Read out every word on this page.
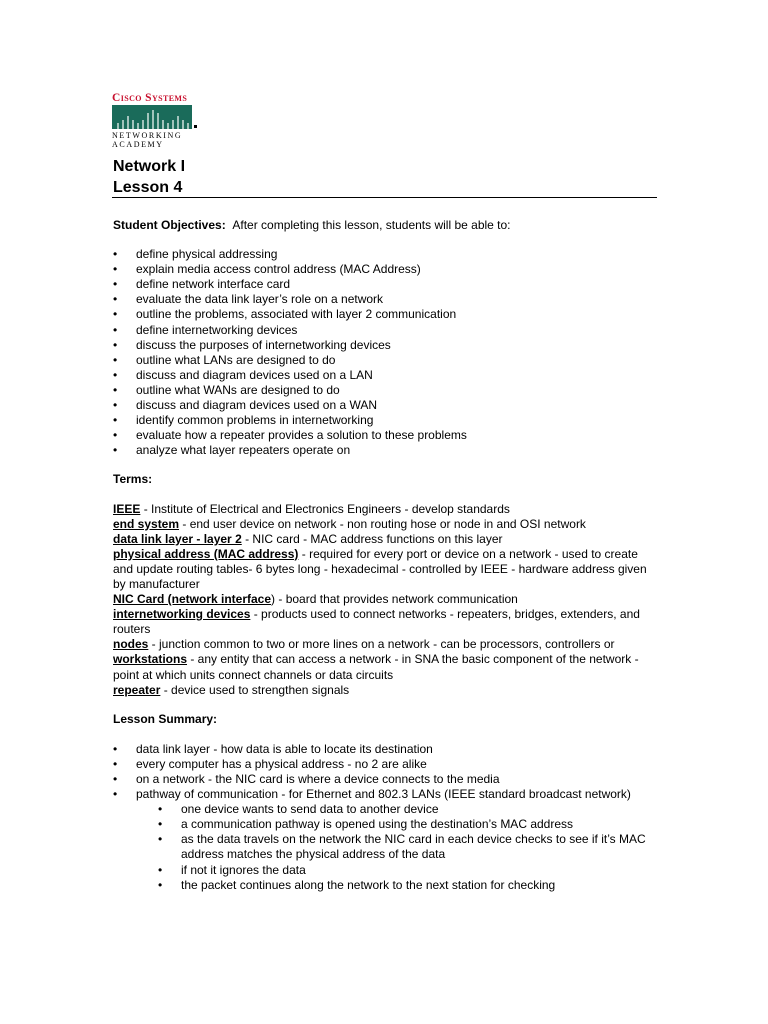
Cisco Systems
NETWORKING
ACADEMY
Network I
Lesson 4

Student Objectives: After completing this lesson, students will be able to:

• define physical addressing
• explain media access control address (MAC Address)
• define network interface card
• evaluate the data link layer’s role on a network
• outline the problems, associated with layer 2 communication
• define internetworking devices
• discuss the purposes of internetworking devices
• outline what LANs are designed to do
• discuss and diagram devices used on a LAN
• outline what WANs are designed to do
• discuss and diagram devices used on a WAN
• identify common problems in internetworking
• evaluate how a repeater provides a solution to these problems
• analyze what layer repeaters operate on

Terms:

IEEE - Institute of Electrical and Electronics Engineers - develop standards

end system - end user device on network - non routing hose or node in and OSI network

data link layer - layer 2 - NIC card - MAC address functions on this layer

physical address (MAC address) - required for every port or device on a network - used to create and update routing tables- 6 bytes long - hexadecimal - controlled by IEEE - hardware address given by manufacturer

NIC Card (network interface) - board that provides network communication

internetworking devices - products used to connect networks - repeaters, bridges, extenders, and routers

nodes - junction common to two or more lines on a network - can be processors, controllers or

workstations - any entity that can access a network - in SNA the basic component of the network - point at which units connect channels or data circuits

repeater - device used to strengthen signals

Lesson Summary:

• data link layer - how data is able to locate its destination
• every computer has a physical address - no 2 are alike
• on a network - the NIC card is where a device connects to the media
• pathway of communication - for Ethernet and 802.3 LANs (IEEE standard broadcast network)
• one device wants to send data to another device
• a communication pathway is opened using the destination’s MAC address
• as the data travels on the network the NIC card in each device checks to see if it’s MAC address matches the physical address of the data
• if not it ignores the data
• the packet continues along the network to the next station for checking
